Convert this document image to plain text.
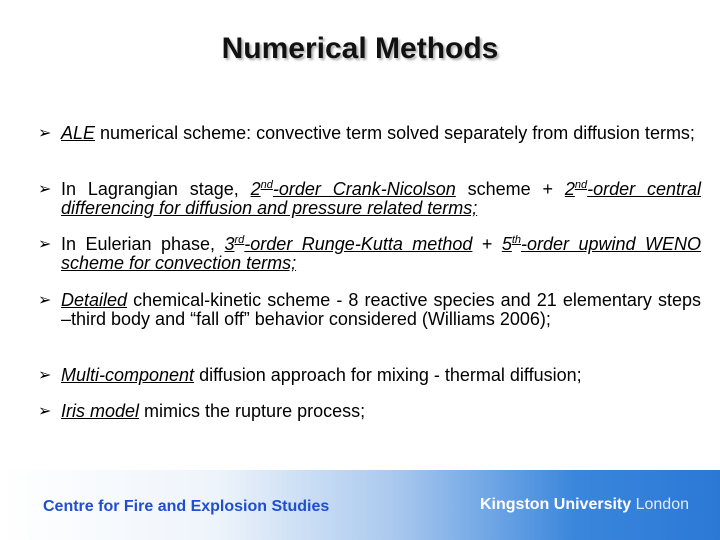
Numerical Methods
➢ ALE numerical scheme: convective term solved separately from diffusion terms;
➢ In Lagrangian stage, 2nd-order Crank-Nicolson scheme + 2nd-order central differencing for diffusion and pressure related terms;
➢ In Eulerian phase, 3rd-order Runge-Kutta method + 5th-order upwind WENO scheme for convection terms;
➢ Detailed chemical-kinetic scheme - 8 reactive species and 21 elementary steps –third body and “fall off” behavior considered (Williams 2006);
➢ Multi-component diffusion approach for mixing - thermal diffusion;
➢ Iris model mimics the rupture process;
Centre for Fire and Explosion Studies	Kingston University London
